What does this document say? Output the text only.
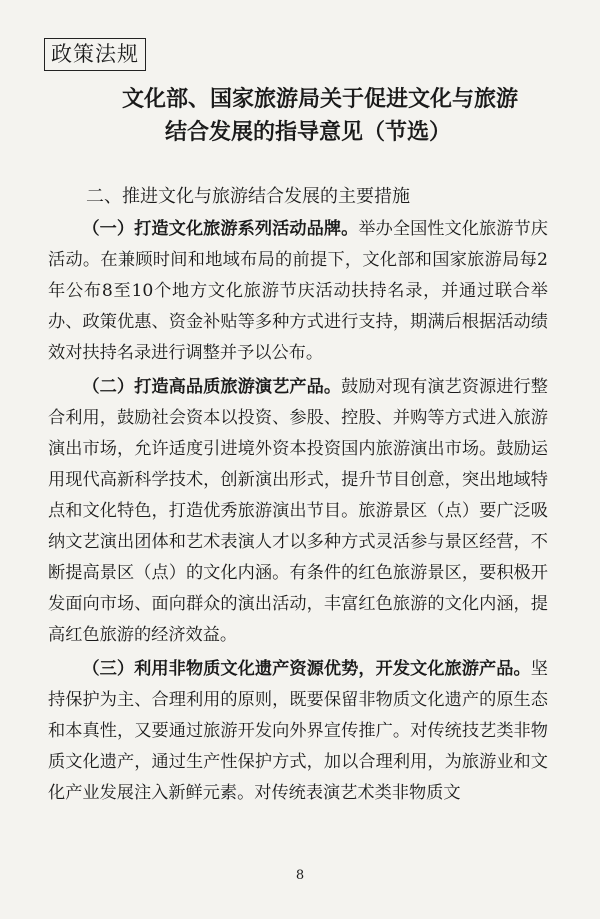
政策法规
文化部、国家旅游局关于促进文化与旅游
结合发展的指导意见（节选）
二、推进文化与旅游结合发展的主要措施

（一）打造文化旅游系列活动品牌。举办全国性文化旅游节庆活动。在兼顾时间和地域布局的前提下，文化部和国家旅游局每2年公布8至10个地方文化旅游节庆活动扶持名录，并通过联合举办、政策优惠、资金补贴等多种方式进行支持，期满后根据活动绩效对扶持名录进行调整并予以公布。

（二）打造高品质旅游演艺产品。鼓励对现有演艺资源进行整合利用，鼓励社会资本以投资、参股、控股、并购等方式进入旅游演出市场，允许适度引进境外资本投资国内旅游演出市场。鼓励运用现代高新科学技术，创新演出形式，提升节目创意，突出地域特点和文化特色，打造优秀旅游演出节目。旅游景区（点）要广泛吸纳文艺演出团体和艺术表演人才以多种方式灵活参与景区经营，不断提高景区（点）的文化内涵。有条件的红色旅游景区，要积极开发面向市场、面向群众的演出活动，丰富红色旅游的文化内涵，提高红色旅游的经济效益。

（三）利用非物质文化遗产资源优势，开发文化旅游产品。坚持保护为主、合理利用的原则，既要保留非物质文化遗产的原生态和本真性，又要通过旅游开发向外界宣传推广。对传统技艺类非物质文化遗产，通过生产性保护方式，加以合理利用，为旅游业和文化产业发展注入新鲜元素。对传统表演艺术类非物质文

8
